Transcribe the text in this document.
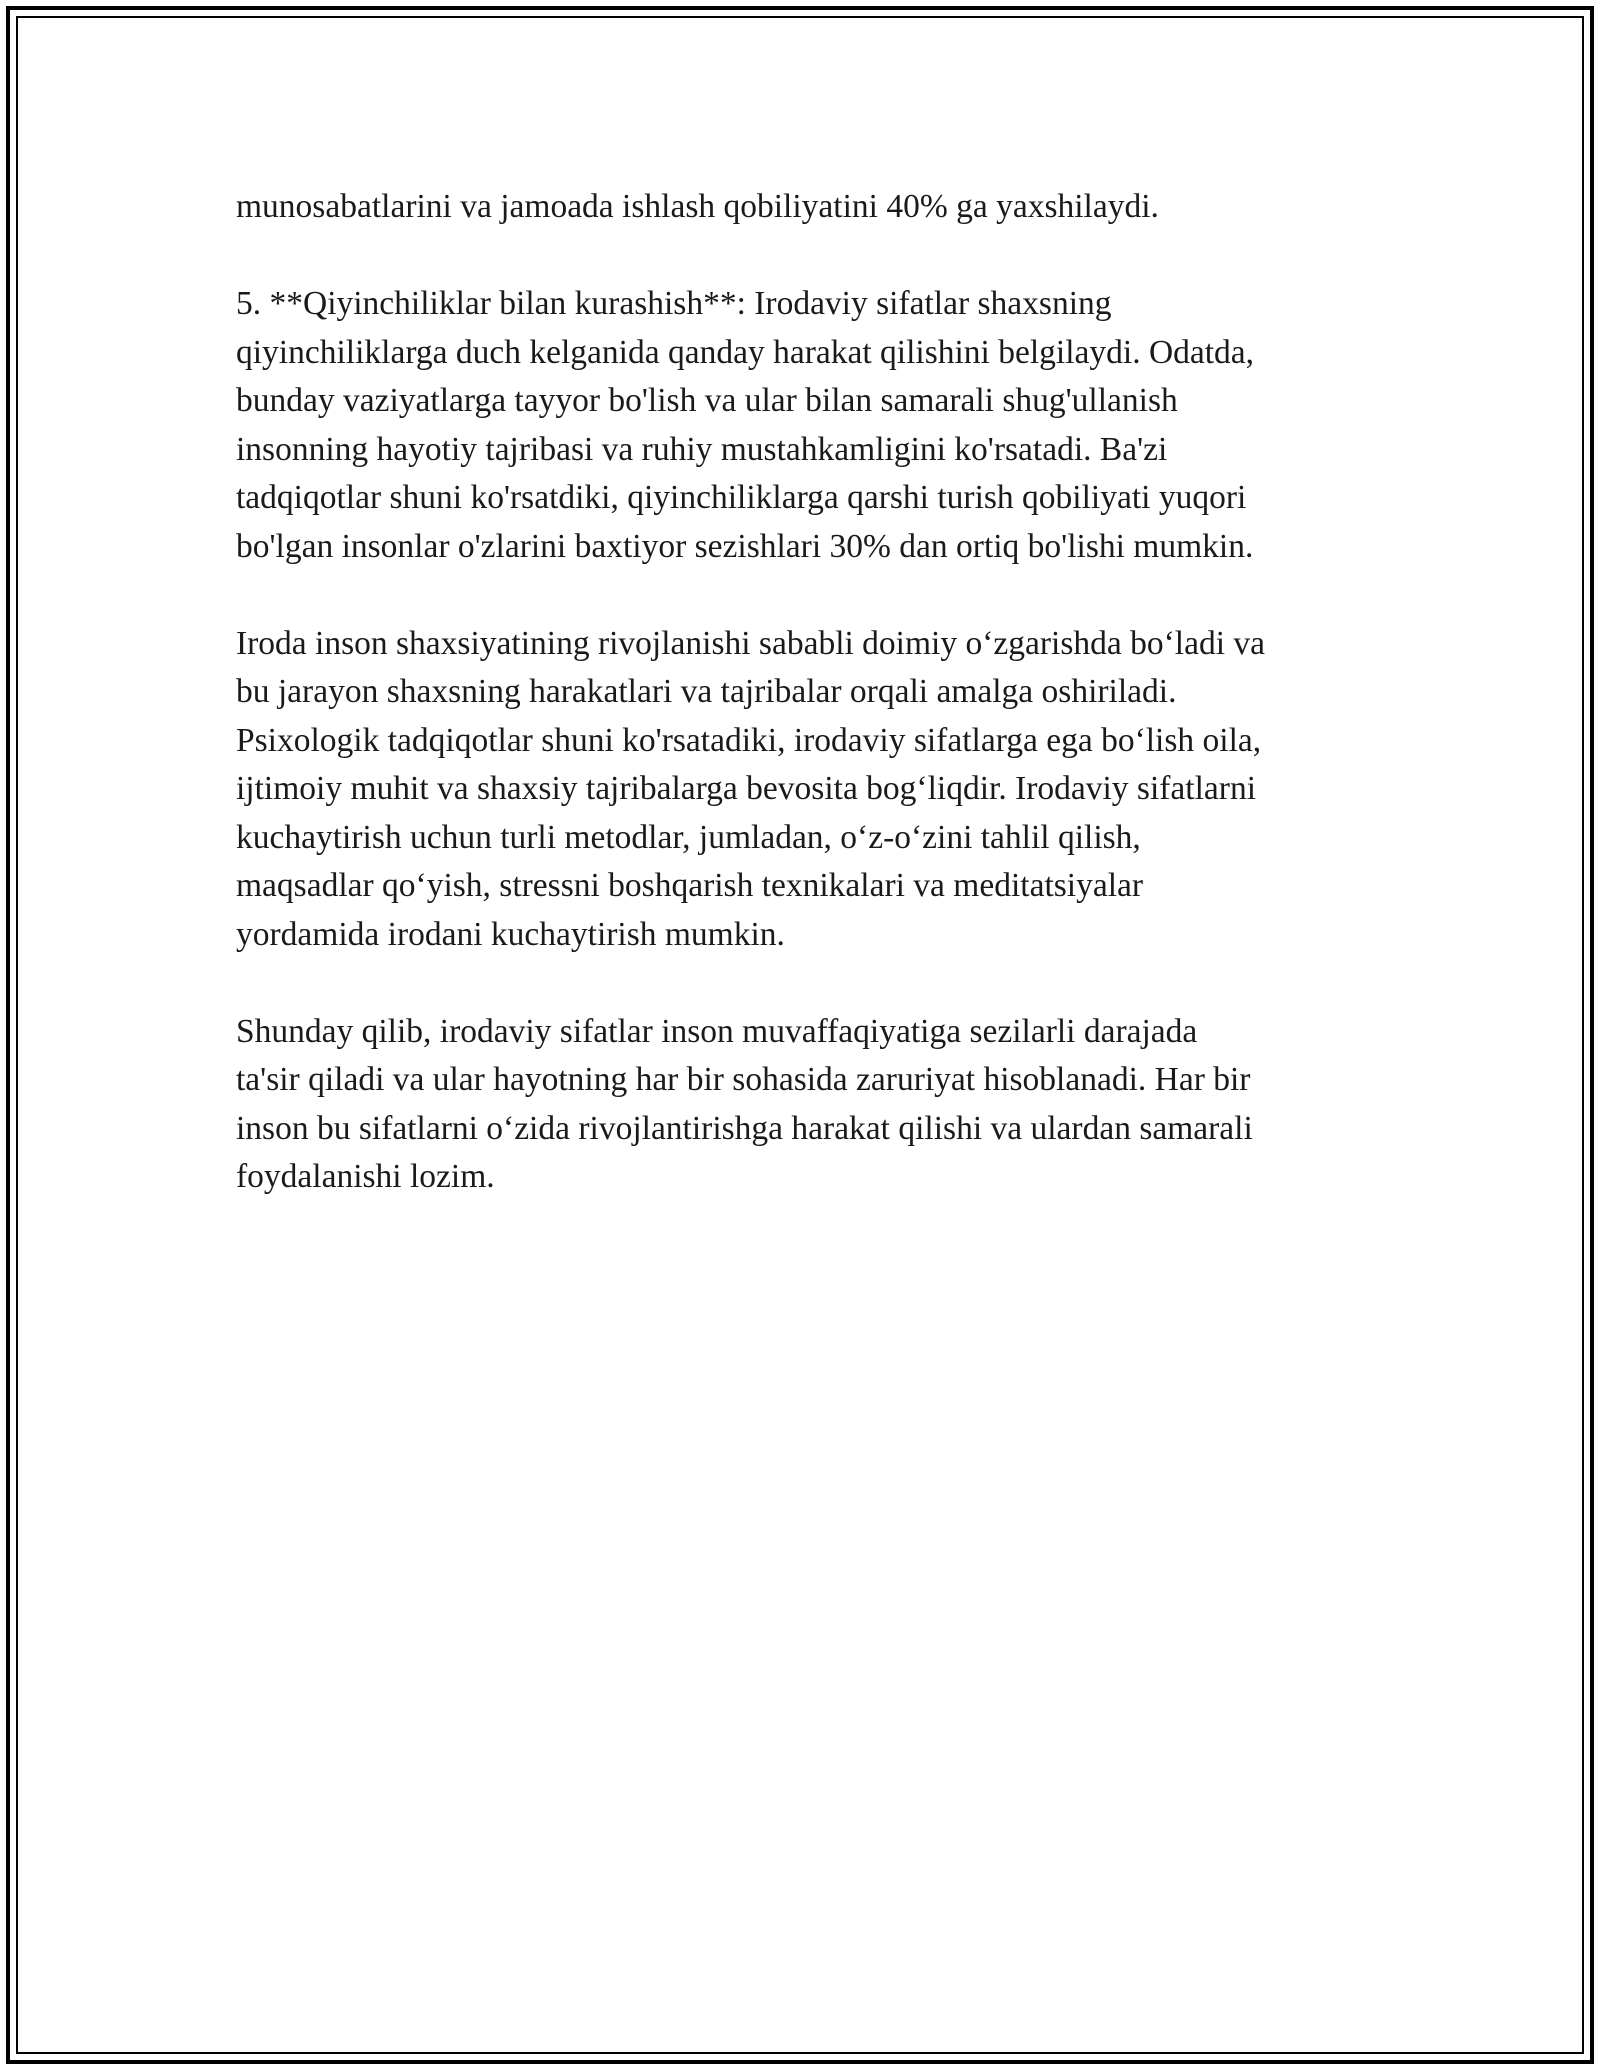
munosabatlarini va jamoada ishlash qobiliyatini 40% ga yaxshilaydi.
5. **Qiyinchiliklar bilan kurashish**: Irodaviy sifatlar shaxsning
qiyinchiliklarga duch kelganida qanday harakat qilishini belgilaydi. Odatda,
bunday vaziyatlarga tayyor bo'lish va ular bilan samarali shug'ullanish
insonning hayotiy tajribasi va ruhiy mustahkamligini ko'rsatadi. Ba'zi
tadqiqotlar shuni ko'rsatdiki, qiyinchiliklarga qarshi turish qobiliyati yuqori
bo'lgan insonlar o'zlarini baxtiyor sezishlari 30% dan ortiq bo'lishi mumkin.
Iroda inson shaxsiyatining rivojlanishi sababli doimiy o‘zgarishda bo‘ladi va
bu jarayon shaxsning harakatlari va tajribalar orqali amalga oshiriladi.
Psixologik tadqiqotlar shuni ko'rsatadiki, irodaviy sifatlarga ega bo‘lish oila,
ijtimoiy muhit va shaxsiy tajribalarga bevosita bog‘liqdir. Irodaviy sifatlarni
kuchaytirish uchun turli metodlar, jumladan, o‘z-o‘zini tahlil qilish,
maqsadlar qo‘yish, stressni boshqarish texnikalari va meditatsiyalar
yordamida irodani kuchaytirish mumkin.
Shunday qilib, irodaviy sifatlar inson muvaffaqiyatiga sezilarli darajada
ta'sir qiladi va ular hayotning har bir sohasida zaruriyat hisoblanadi. Har bir
inson bu sifatlarni o‘zida rivojlantirishga harakat qilishi va ulardan samarali
foydalanishi lozim.
